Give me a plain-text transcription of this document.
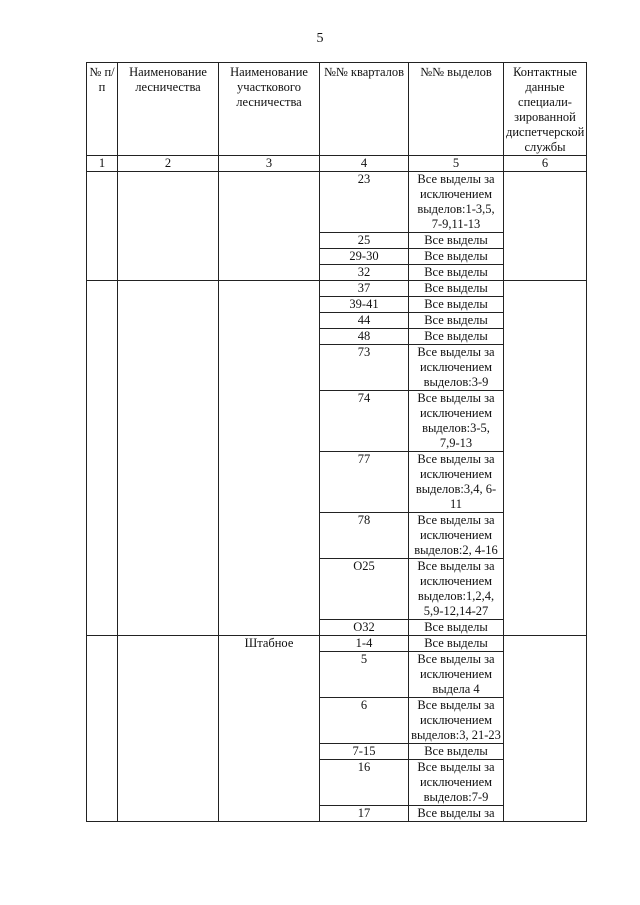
5
№ п/п	Наименование лесничества	Наименование участкового лесничества	№№ кварталов	№№ выделов	Контактные данные специали-зированной диспетчерской службы
1	2	3	4	5	6
			23	Все выделы за исключением выделов:1-3,5, 7-9,11-13	
			25	Все выделы	
			29-30	Все выделы	
			32	Все выделы	
			37	Все выделы	
			39-41	Все выделы	
			44	Все выделы	
			48	Все выделы	
			73	Все выделы за исключением выделов:3-9	
			74	Все выделы за исключением выделов:3-5, 7,9-13	
			77	Все выделы за исключением выделов:3,4, 6-11	
			78	Все выделы за исключением выделов:2, 4-16	
			О25	Все выделы за исключением выделов:1,2,4, 5,9-12,14-27	
			О32	Все выделы	
		Штабное	1-4	Все выделы	
			5	Все выделы за исключением выдела 4	
			6	Все выделы за исключением выделов:3, 21-23	
			7-15	Все выделы	
			16	Все выделы за исключением выделов:7-9	
			17	Все выделы за	
